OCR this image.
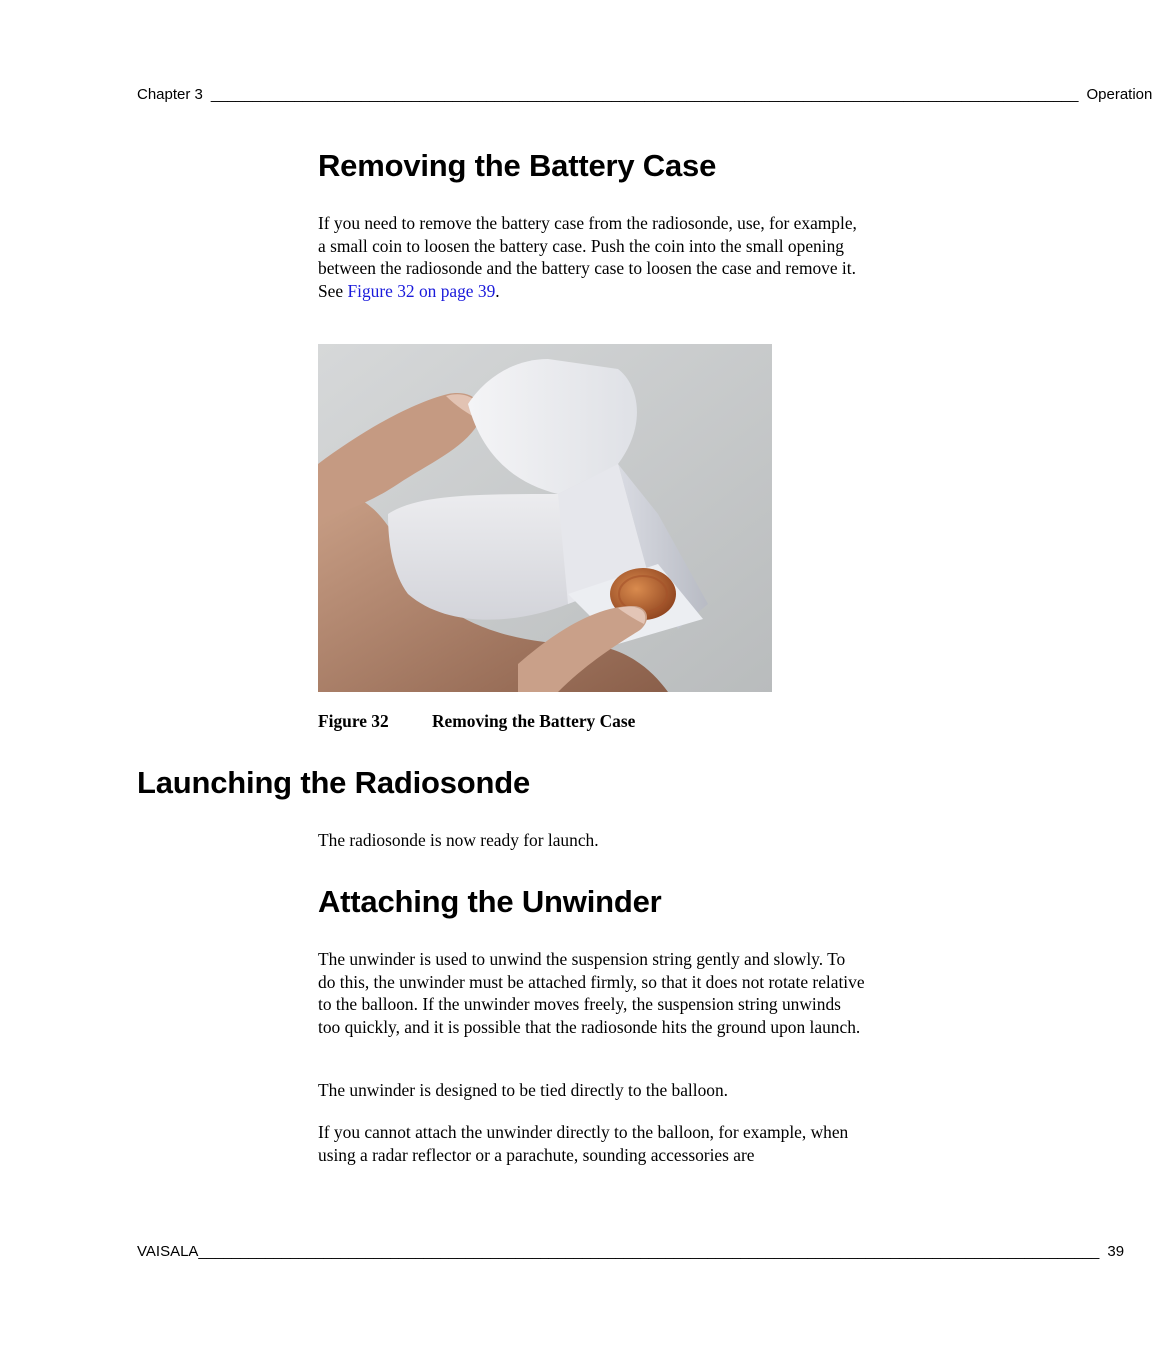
Chapter 3 ________________________________________________________________________________________________________ Operation
Removing the Battery Case

If you need to remove the battery case from the radiosonde, use, for example, a small coin to loosen the battery case. Push the coin into the small opening between the radiosonde and the battery case to loosen the case and remove it. See Figure 32 on page 39.

Figure 32 Removing the Battery Case
Launching the Radiosonde

The radiosonde is now ready for launch.

Attaching the Unwinder

The unwinder is used to unwind the suspension string gently and slowly. To do this, the unwinder must be attached firmly, so that it does not rotate relative to the balloon. If the unwinder moves freely, the suspension string unwinds too quickly, and it is possible that the radiosonde hits the ground upon launch.

The unwinder is designed to be tied directly to the balloon.

If you cannot attach the unwinder directly to the balloon, for example, when using a radar reflector or a parachute, sounding accessories are

VAISALA ____________________________________________________________________________________________________________ 39
